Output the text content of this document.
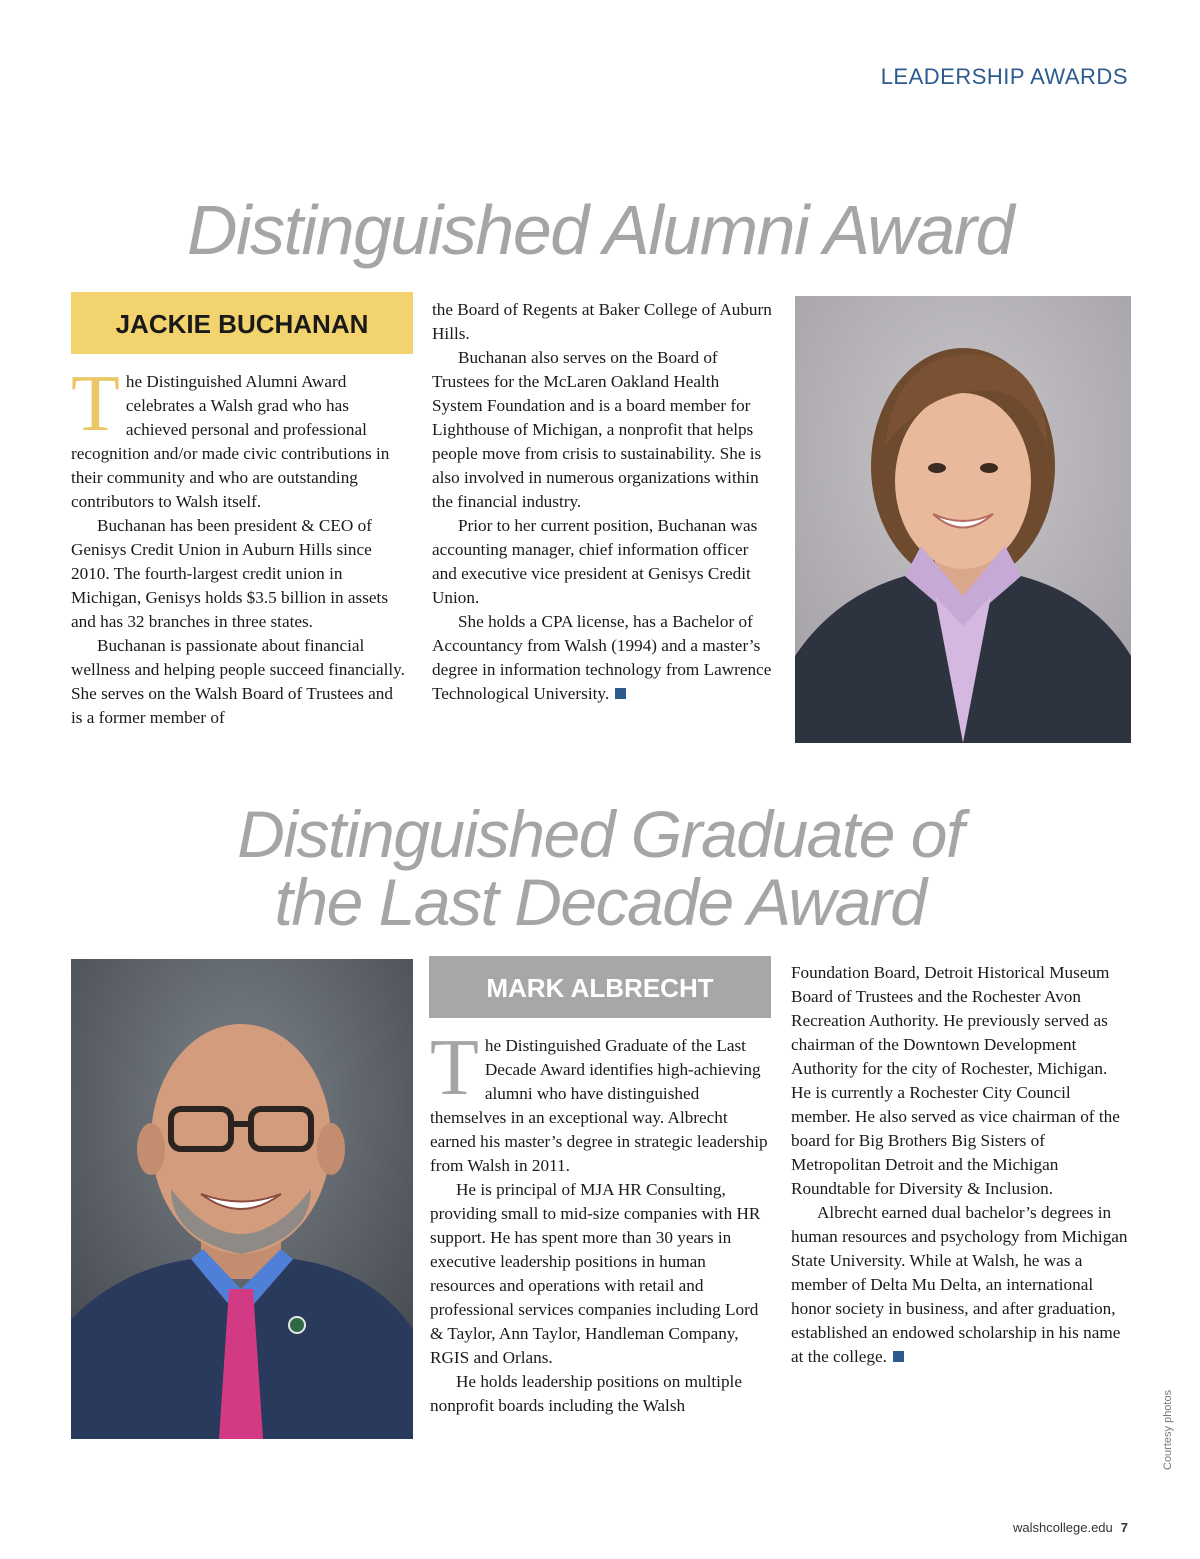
LEADERSHIP AWARDS
Distinguished Alumni Award
JACKIE BUCHANAN

The Distinguished Alumni Award celebrates a Walsh grad who has achieved personal and professional recognition and/or made civic contributions in their community and who are outstanding contributors to Walsh itself.

Buchanan has been president & CEO of Genisys Credit Union in Auburn Hills since 2010. The fourth-largest credit union in Michigan, Genisys holds $3.5 billion in assets and has 32 branches in three states.

Buchanan is passionate about financial wellness and helping people succeed financially. She serves on the Walsh Board of Trustees and is a former member of

the Board of Regents at Baker College of Auburn Hills.

Buchanan also serves on the Board of Trustees for the McLaren Oakland Health System Foundation and is a board member for Lighthouse of Michigan, a nonprofit that helps people move from crisis to sustainability. She is also involved in numerous organizations within the financial industry.

Prior to her current position, Buchanan was accounting manager, chief information officer and executive vice president at Genisys Credit Union.

She holds a CPA license, has a Bachelor of Accountancy from Walsh (1994) and a master’s degree in information technology from Lawrence Technological University.

Distinguished Graduate of
the Last Decade Award
MARK ALBRECHT

The Distinguished Graduate of the Last Decade Award identifies high-achieving alumni who have distinguished themselves in an exceptional way. Albrecht earned his master’s degree in strategic leadership from Walsh in 2011.

He is principal of MJA HR Consulting, providing small to mid-size companies with HR support. He has spent more than 30 years in executive leadership positions in human resources and operations with retail and professional services companies including Lord & Taylor, Ann Taylor, Handleman Company, RGIS and Orlans.

He holds leadership positions on multiple nonprofit boards including the Walsh

Foundation Board, Detroit Historical Museum Board of Trustees and the Rochester Avon Recreation Authority. He previously served as chairman of the Downtown Development Authority for the city of Rochester, Michigan. He is currently a Rochester City Council member. He also served as vice chairman of the board for Big Brothers Big Sisters of Metropolitan Detroit and the Michigan Roundtable for Diversity & Inclusion.

Albrecht earned dual bachelor’s degrees in human resources and psychology from Michigan State University. While at Walsh, he was a member of Delta Mu Delta, an international honor society in business, and after graduation, established an endowed scholarship in his name at the college.

Courtesy photos
walshcollege.edu 7
